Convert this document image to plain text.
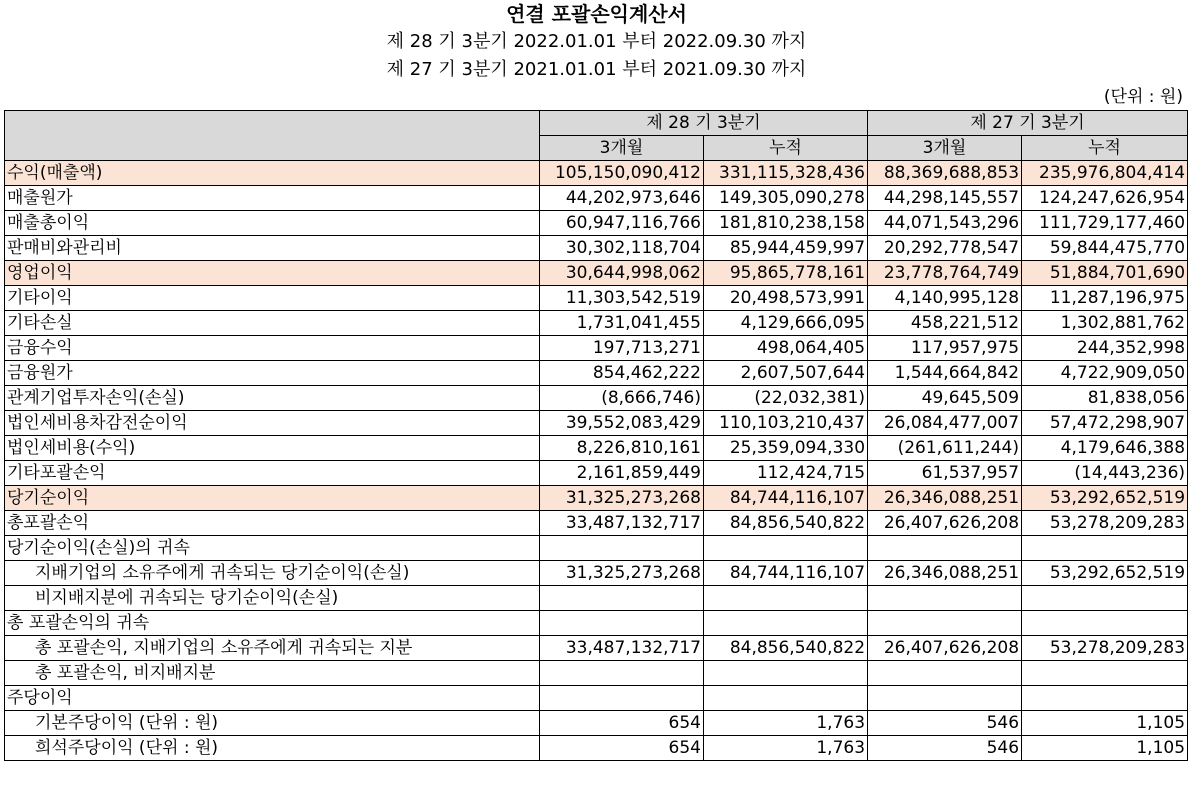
연결 포괄손익계산서
제 28 기 3분기 2022.01.01 부터 2022.09.30 까지
제 27 기 3분기 2021.01.01 부터 2021.09.30 까지
(단위 : 원)
	제 28 기 3분기		제 27 기 3분기	
	3개월	누적	3개월	누적
수익(매출액)	105,150,090,412	331,115,328,436	88,369,688,853	235,976,804,414
매출원가	44,202,973,646	149,305,090,278	44,298,145,557	124,247,626,954
매출총이익	60,947,116,766	181,810,238,158	44,071,543,296	111,729,177,460
판매비와관리비	30,302,118,704	85,944,459,997	20,292,778,547	59,844,475,770
영업이익	30,644,998,062	95,865,778,161	23,778,764,749	51,884,701,690
기타이익	11,303,542,519	20,498,573,991	4,140,995,128	11,287,196,975
기타손실	1,731,041,455	4,129,666,095	458,221,512	1,302,881,762
금융수익	197,713,271	498,064,405	117,957,975	244,352,998
금융원가	854,462,222	2,607,507,644	1,544,664,842	4,722,909,050
관계기업투자손익(손실)	(8,666,746)	(22,032,381)	49,645,509	81,838,056
법인세비용차감전순이익	39,552,083,429	110,103,210,437	26,084,477,007	57,472,298,907
법인세비용(수익)	8,226,810,161	25,359,094,330	(261,611,244)	4,179,646,388
기타포괄손익	2,161,859,449	112,424,715	61,537,957	(14,443,236)
당기순이익	31,325,273,268	84,744,116,107	26,346,088,251	53,292,652,519
총포괄손익	33,487,132,717	84,856,540,822	26,407,626,208	53,278,209,283
당기순이익(손실)의 귀속				
지배기업의 소유주에게 귀속되는 당기순이익(손실)	31,325,273,268	84,744,116,107	26,346,088,251	53,292,652,519
비지배지분에 귀속되는 당기순이익(손실)				
총 포괄손익의 귀속				
총 포괄손익, 지배기업의 소유주에게 귀속되는 지분	33,487,132,717	84,856,540,822	26,407,626,208	53,278,209,283
총 포괄손익, 비지배지분				
주당이익				
기본주당이익 (단위 : 원)	654	1,763	546	1,105
희석주당이익 (단위 : 원)	654	1,763	546	1,105
